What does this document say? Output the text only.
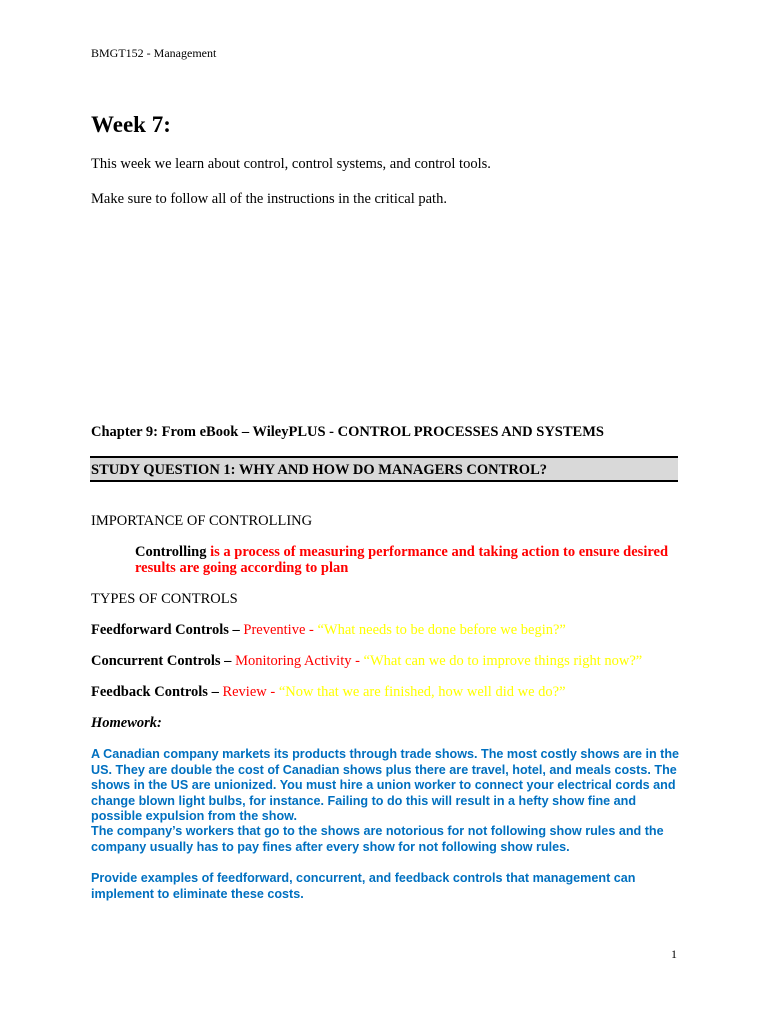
BMGT152 - Management
Week 7:
This week we learn about control, control systems, and control tools.
Make sure to follow all of the instructions in the critical path.
Chapter 9: From eBook – WileyPLUS - CONTROL PROCESSES AND SYSTEMS
STUDY QUESTION 1: WHY AND HOW DO MANAGERS CONTROL?
IMPORTANCE OF CONTROLLING
Controlling is a process of measuring performance and taking action to ensure desired results are going according to plan
TYPES OF CONTROLS
Feedforward Controls – Preventive - “What needs to be done before we begin?”
Concurrent Controls – Monitoring Activity - “What can we do to improve things right now?”
Feedback Controls – Review - “Now that we are finished, how well did we do?”
Homework:
A Canadian company markets its products through trade shows. The most costly shows are in the US. They are double the cost of Canadian shows plus there are travel, hotel, and meals costs. The shows in the US are unionized. You must hire a union worker to connect your electrical cords and change blown light bulbs, for instance. Failing to do this will result in a hefty show fine and possible expulsion from the show.
The company’s workers that go to the shows are notorious for not following show rules and the company usually has to pay fines after every show for not following show rules.
Provide examples of feedforward, concurrent, and feedback controls that management can implement to eliminate these costs.
1
